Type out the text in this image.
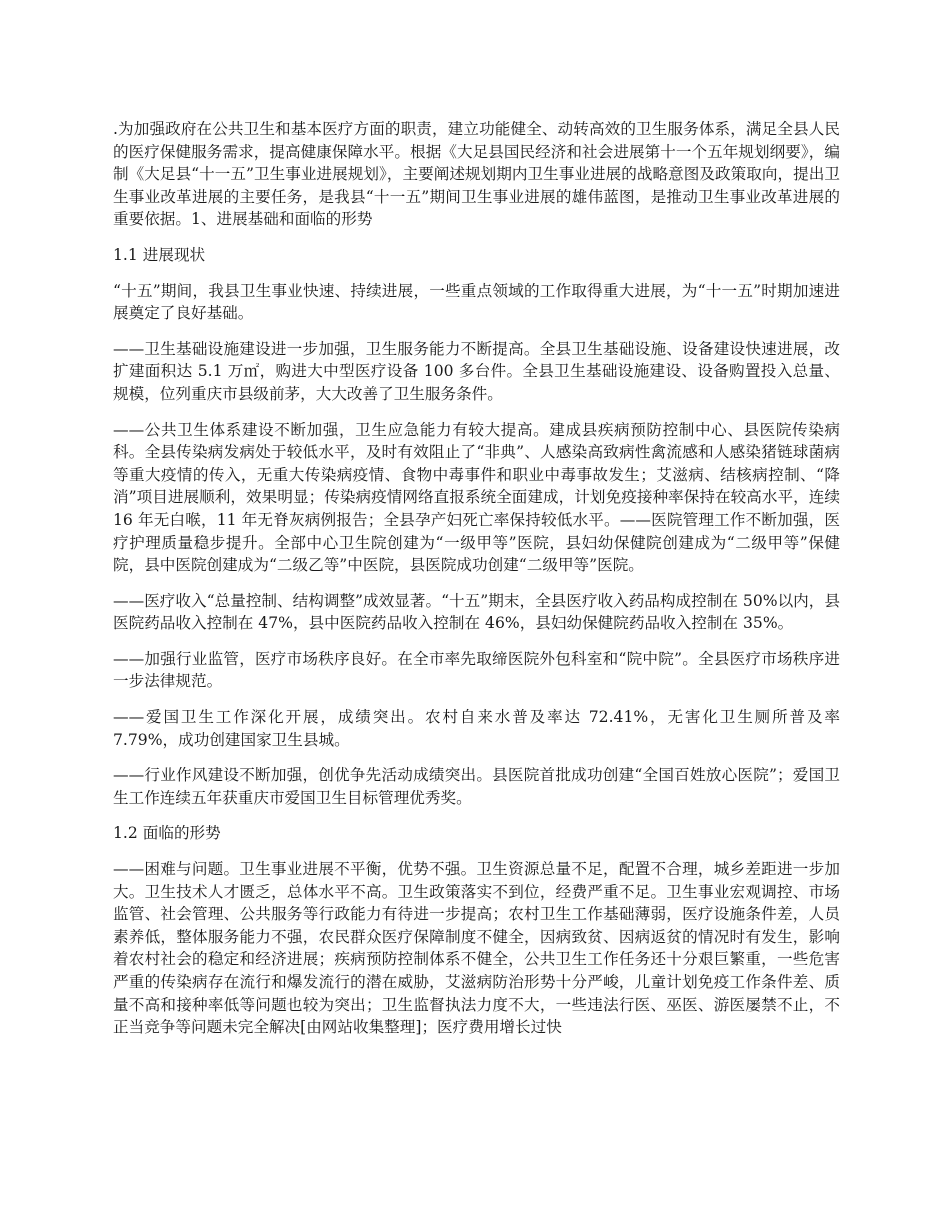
.为加强政府在公共卫生和基本医疗方面的职责，建立功能健全、动转高效的卫生服务体系，满足全县人民的医疗保健服务需求，提高健康保障水平。根据《大足县国民经济和社会进展第十一个五年规划纲要》，编制《大足县“十一五”卫生事业进展规划》，主要阐述规划期内卫生事业进展的战略意图及政策取向，提出卫生事业改革进展的主要任务，是我县“十一五”期间卫生事业进展的雄伟蓝图，是推动卫生事业改革进展的重要依据。1、进展基础和面临的形势

1.1 进展现状

“十五”期间，我县卫生事业快速、持续进展，一些重点领域的工作取得重大进展，为“十一五”时期加速进展奠定了良好基础。

——卫生基础设施建设进一步加强，卫生服务能力不断提高。全县卫生基础设施、设备建设快速进展，改扩建面积达 5.1 万㎡，购进大中型医疗设备 100 多台件。全县卫生基础设施建设、设备购置投入总量、规模，位列重庆市县级前茅，大大改善了卫生服务条件。

——公共卫生体系建设不断加强，卫生应急能力有较大提高。建成县疾病预防控制中心、县医院传染病科。全县传染病发病处于较低水平，及时有效阻止了“非典”、人感染高致病性禽流感和人感染猪链球菌病等重大疫情的传入，无重大传染病疫情、食物中毒事件和职业中毒事故发生；艾滋病、结核病控制、“降消”项目进展顺利，效果明显；传染病疫情网络直报系统全面建成，计划免疫接种率保持在较高水平，连续 16 年无白喉，11 年无脊灰病例报告；全县孕产妇死亡率保持较低水平。——医院管理工作不断加强，医疗护理质量稳步提升。全部中心卫生院创建为“一级甲等”医院，县妇幼保健院创建成为“二级甲等”保健院，县中医院创建成为“二级乙等”中医院，县医院成功创建“二级甲等”医院。

——医疗收入“总量控制、结构调整”成效显著。“十五”期末，全县医疗收入药品构成控制在 50%以内，县医院药品收入控制在 47%，县中医院药品收入控制在 46%，县妇幼保健院药品收入控制在 35%。

——加强行业监管，医疗市场秩序良好。在全市率先取缔医院外包科室和“院中院”。全县医疗市场秩序进一步法律规范。

——爱国卫生工作深化开展，成绩突出。农村自来水普及率达 72.41%，无害化卫生厕所普及率 7.79%，成功创建国家卫生县城。

——行业作风建设不断加强，创优争先活动成绩突出。县医院首批成功创建“全国百姓放心医院”；爱国卫生工作连续五年获重庆市爱国卫生目标管理优秀奖。

1.2 面临的形势

——困难与问题。卫生事业进展不平衡，优势不强。卫生资源总量不足，配置不合理，城乡差距进一步加大。卫生技术人才匮乏，总体水平不高。卫生政策落实不到位，经费严重不足。卫生事业宏观调控、市场监管、社会管理、公共服务等行政能力有待进一步提高；农村卫生工作基础薄弱，医疗设施条件差，人员素养低，整体服务能力不强，农民群众医疗保障制度不健全，因病致贫、因病返贫的情况时有发生，影响着农村社会的稳定和经济进展；疾病预防控制体系不健全，公共卫生工作任务还十分艰巨繁重，一些危害严重的传染病存在流行和爆发流行的潜在威胁，艾滋病防治形势十分严峻，儿童计划免疫工作条件差、质量不高和接种率低等问题也较为突出；卫生监督执法力度不大，一些违法行医、巫医、游医屡禁不止，不正当竞争等问题未完全解决[由网站收集整理]；医疗费用增长过快
